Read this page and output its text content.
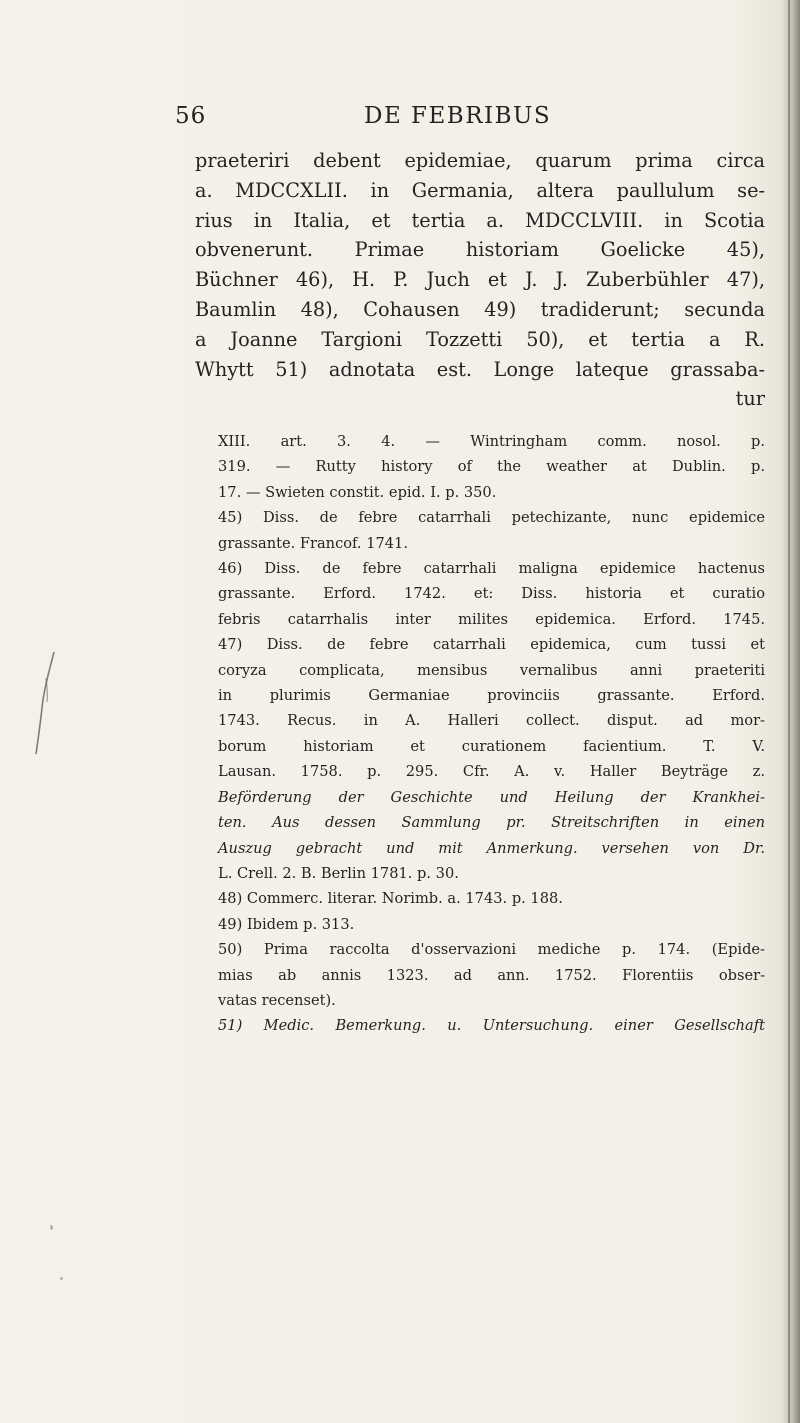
56	DE FEBRIBUS
praeteriri debent epidemiae, quarum prima circa
a. MDCCXLII. in Germania, altera paullulum se-
rius in Italia, et tertia a. MDCCLVIII. in Scotia
obvenerunt. Primae historiam Goelicke 45),
Büchner 46), H. P. Juch et J. J. Zuberbühler 47),
Baumlin 48), Cohausen 49) tradiderunt; secunda
a Joanne Targioni Tozzetti 50), et tertia a R.
Whytt 51) adnotata est. Longe lateque grassaba-
tur
XIII. art. 3. 4. — Wintringham comm. nosol. p.
319. — Rutty history of the weather at Dublin. p.
17. — Swieten constit. epid. I. p. 350.
45) Diss. de febre catarrhali petechizante, nunc epidemice
grassante. Francof. 1741.
46) Diss. de febre catarrhali maligna epidemice hactenus
grassante. Erford. 1742. et: Diss. historia et curatio
febris catarrhalis inter milites epidemica. Erford. 1745.
47) Diss. de febre catarrhali epidemica, cum tussi et
coryza complicata, mensibus vernalibus anni praeteriti
in plurimis Germaniae provinciis grassante. Erford.
1743. Recus. in A. Halleri collect. disput. ad mor-
borum historiam et curationem facientium. T. V.
Lausan. 1758. p. 295. Cfr. A. v. Haller Beyträge z.
Beförderung der Geschichte und Heilung der Krankhei-
ten. Aus dessen Sammlung pr. Streitschriften in einen
Auszug gebracht und mit Anmerkung. versehen von Dr.
L. Crell. 2. B. Berlin 1781. p. 30.
48) Commerc. literar. Norimb. a. 1743. p. 188.
49) Ibidem p. 313.
50) Prima raccolta d'osservazioni mediche p. 174. (Epide-
mias ab annis 1323. ad ann. 1752. Florentiis obser-
vatas recenset).
51) Medic. Bemerkung. u. Untersuchung. einer Gesellschaft
